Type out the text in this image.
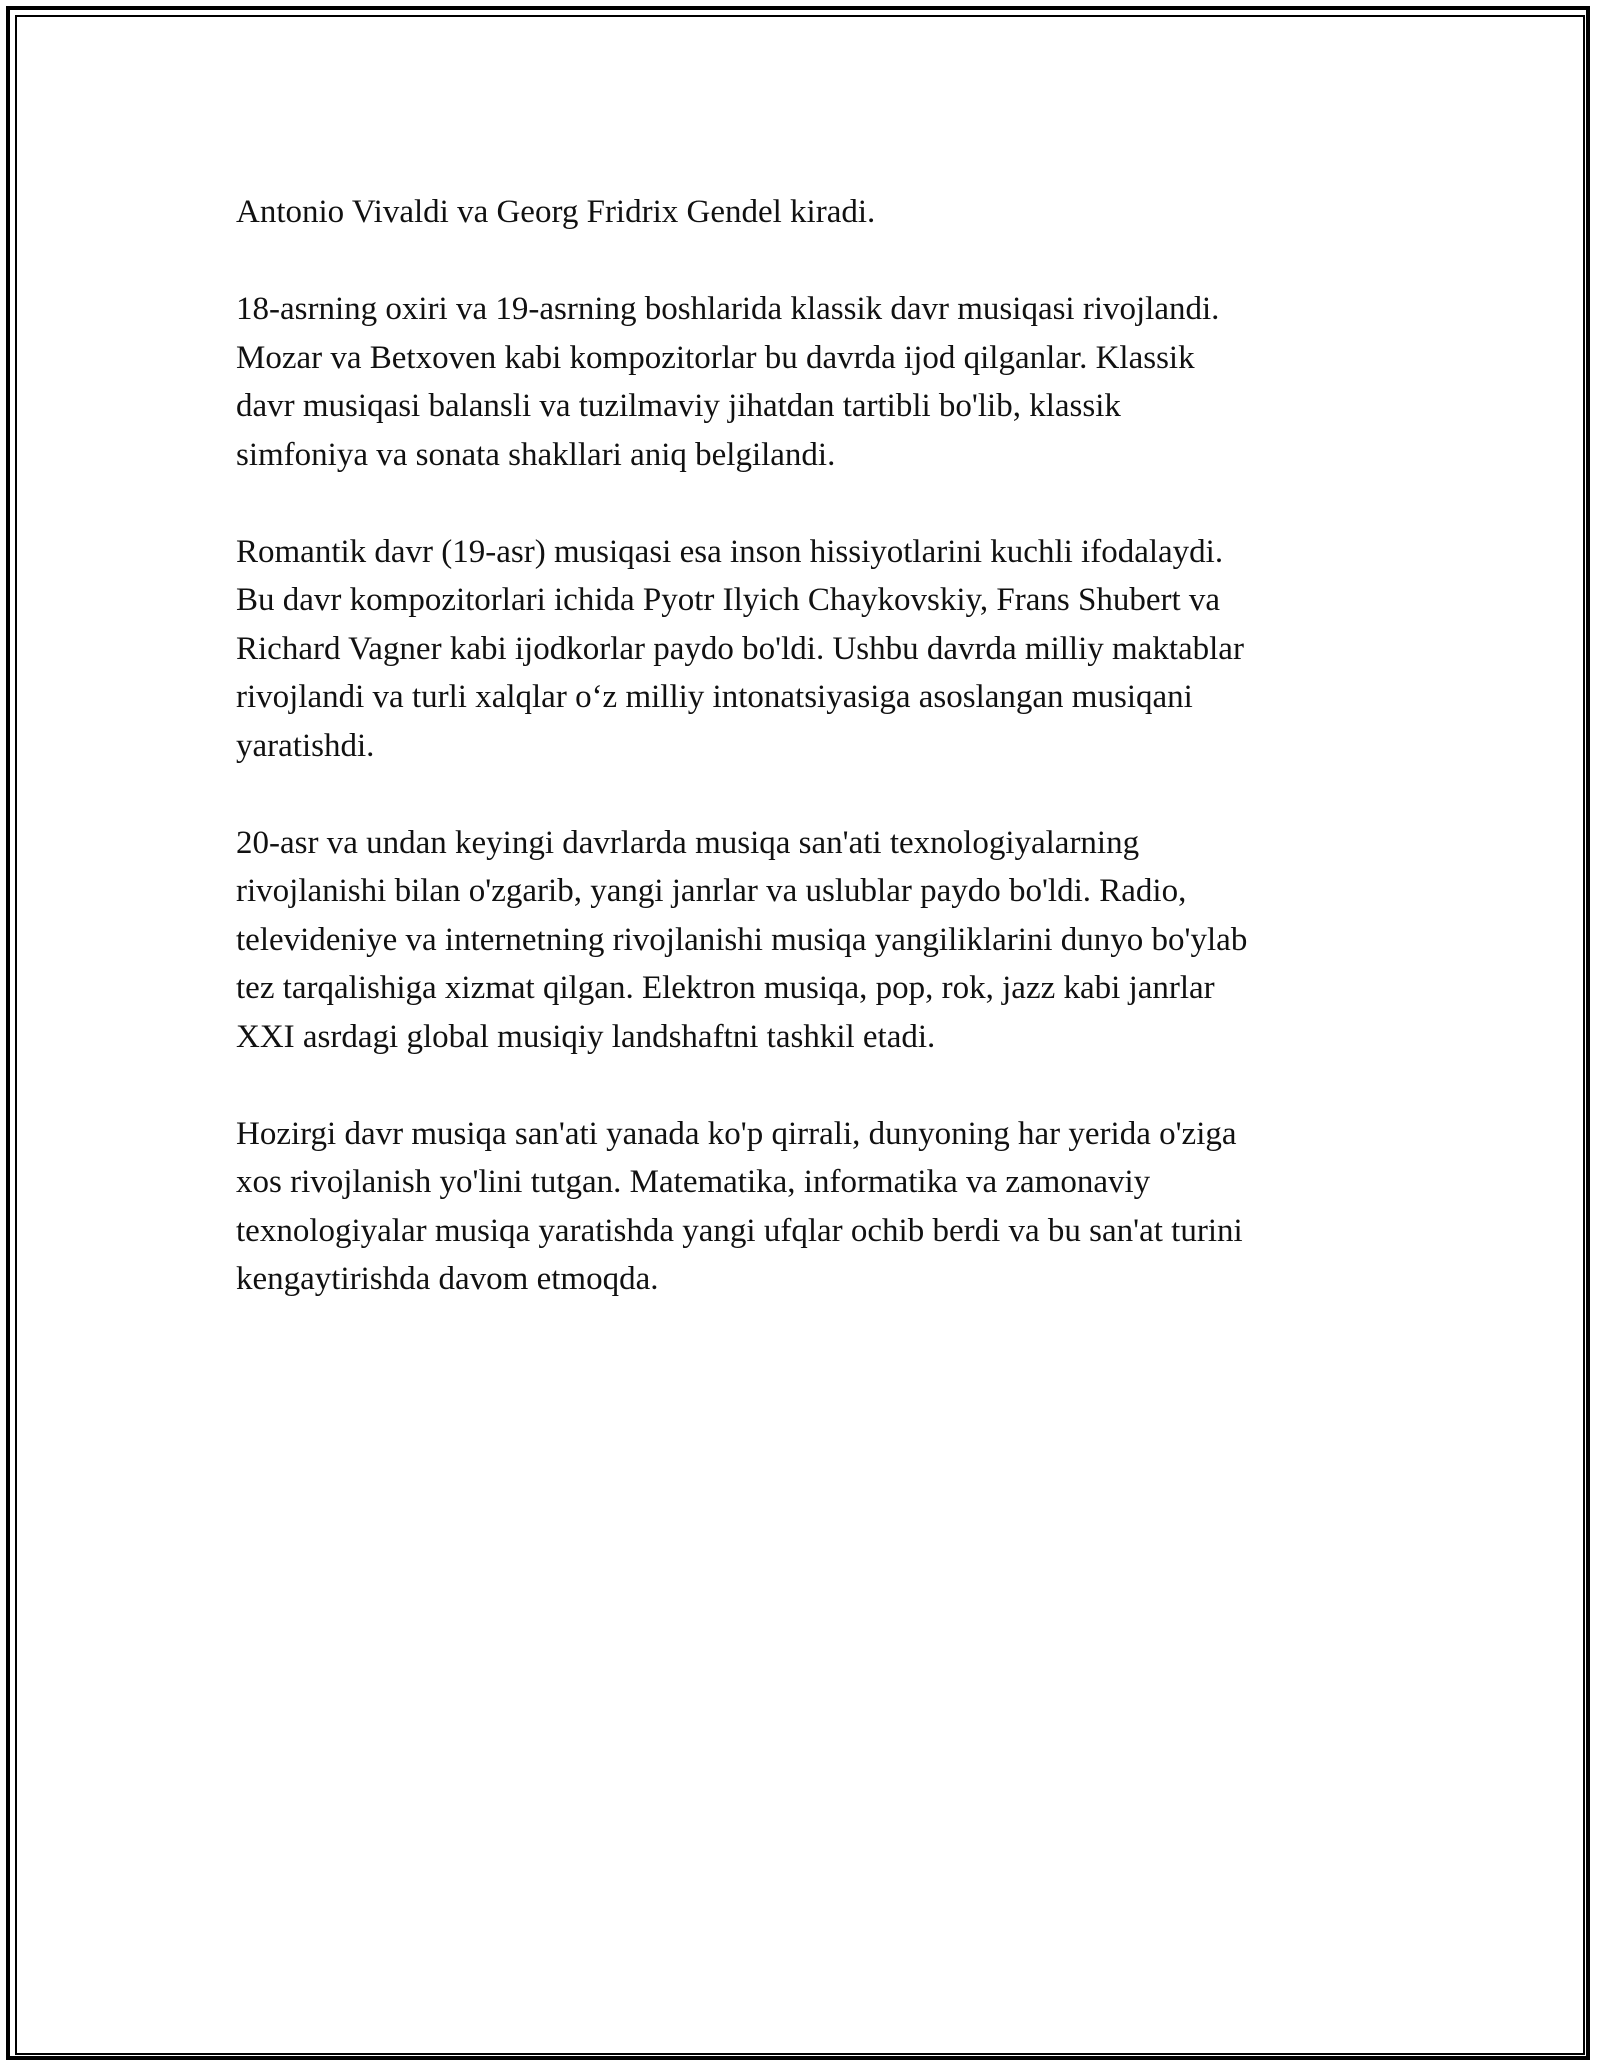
Antonio Vivaldi va Georg Fridrix Gendel kiradi.

18-asrning oxiri va 19-asrning boshlarida klassik davr musiqasi rivojlandi.
Mozar va Betxoven kabi kompozitorlar bu davrda ijod qilganlar. Klassik
davr musiqasi balansli va tuzilmaviy jihatdan tartibli bo'lib, klassik
simfoniya va sonata shakllari aniq belgilandi.

Romantik davr (19-asr) musiqasi esa inson hissiyotlarini kuchli ifodalaydi.
Bu davr kompozitorlari ichida Pyotr Ilyich Chaykovskiy, Frans Shubert va
Richard Vagner kabi ijodkorlar paydo bo'ldi. Ushbu davrda milliy maktablar
rivojlandi va turli xalqlar o‘z milliy intonatsiyasiga asoslangan musiqani
yaratishdi.

20-asr va undan keyingi davrlarda musiqa san'ati texnologiyalarning
rivojlanishi bilan o'zgarib, yangi janrlar va uslublar paydo bo'ldi. Radio,
televideniye va internetning rivojlanishi musiqa yangiliklarini dunyo bo'ylab
tez tarqalishiga xizmat qilgan. Elektron musiqa, pop, rok, jazz kabi janrlar
XXI asrdagi global musiqiy landshaftni tashkil etadi.

Hozirgi davr musiqa san'ati yanada ko'p qirrali, dunyoning har yerida o'ziga
xos rivojlanish yo'lini tutgan. Matematika, informatika va zamonaviy
texnologiyalar musiqa yaratishda yangi ufqlar ochib berdi va bu san'at turini
kengaytirishda davom etmoqda.
